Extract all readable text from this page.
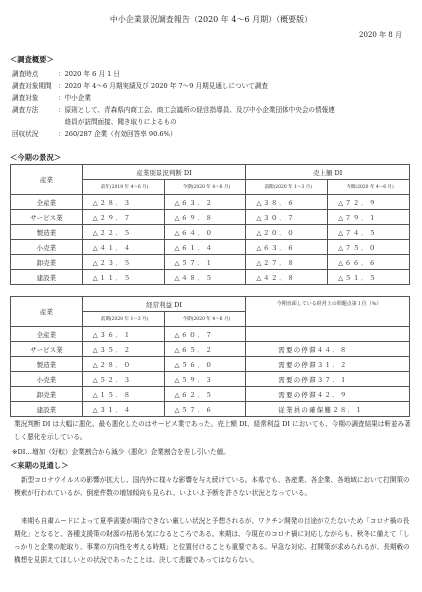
中小企業景況調査報告（2020 年 4～6 月期）（概要版）
2020 年 8 月
＜調査概要＞
調査時点	：2020 年 6 月 1 日
調査対象期間 ：2020 年 4～6 月期実績及び 2020 年 7～9 月期見通しについて調査
調査対象	：中小企業
調査方法	：原則として、青森県内商工会、商工会議所の経営指導員、及び中小企業団体中央会の情報連
　絡員が訪問面接、聞き取りによるもの
回収状況	：260/287 企業（有効回答率 90.6%）
＜今期の景況＞
産業	産業別景況判断 DI		売上額 DI	
	前年(2019 年 4～6 月)	今期(2020 年 4～6 月)	前期(2020 年 1～3 月)	今期(2020 年 4～6 月)
全産業	△２８．３	△６３．２	△３８．６	△７２．９
サービス業	△２９．７	△６９．８	△３０．７	△７９．１
製造業	△２２．５	△６４．０	△２０．０	△７４．５
小売業	△４１．４	△６１．４	△６３．６	△７５．０
卸売業	△２３．５	△５７．１	△２７．８	△６６．６
建設業	△１１．５	△４８．５	△４２．８	△５１．５
産業	経常利益 DI		今期直面している経営上の問題点第１位（%）
	前期(2020 年 1～3 月)	今期(2020 年 4～6 月)	
全産業	△３６．１	△６０．７	
サービス業	△３５．２	△６５．２	需要の停滞４４．８
製造業	△２８．０	△５６．０	需要の停滞３１．２
小売業	△５２．３	△５９．３	需要の停滞３７．１
卸売業	△１５．８	△６２．５	需要の停滞４２．９
建設業	△３１．４	△５７．６	従業員の確保難２８．１
業況判断 DI は大幅に悪化、最も悪化したのはサービス業であった。売上額 DI、経常利益 DI においても、今期の調査結果は軒並み著しく悪化を示している。
※DI…増加（好転）企業割合から減少（悪化）企業割合を差し引いた値。
＜来期の見通し＞
新型コロナウイルスの影響が拡大し、国内外に様々な影響を与え続けている。本県でも、各産業、各企業、各地域において打開策の模索が行われているが、倒産件数の増加傾向も見られ、いよいよ予断を許さない状況となっている。
来期も自粛ムードによって夏季需要が期待できない厳しい状況と予想されるが、ワクチン開発の目途が立たないため「コロナ禍の長期化」となると、各種支援策の財源の枯渇も気になるところである。来期は、今現在のコロナ禍に対応しながらも、秋冬に備えて「しっかりと企業の舵取り、事業の方向性を考える時期」と位置付けることも重要である。早急な対応、打開策が求められるが、長期戦の構想を見据えてほしいとの状況であったことは、決して悲観であってはならない。
